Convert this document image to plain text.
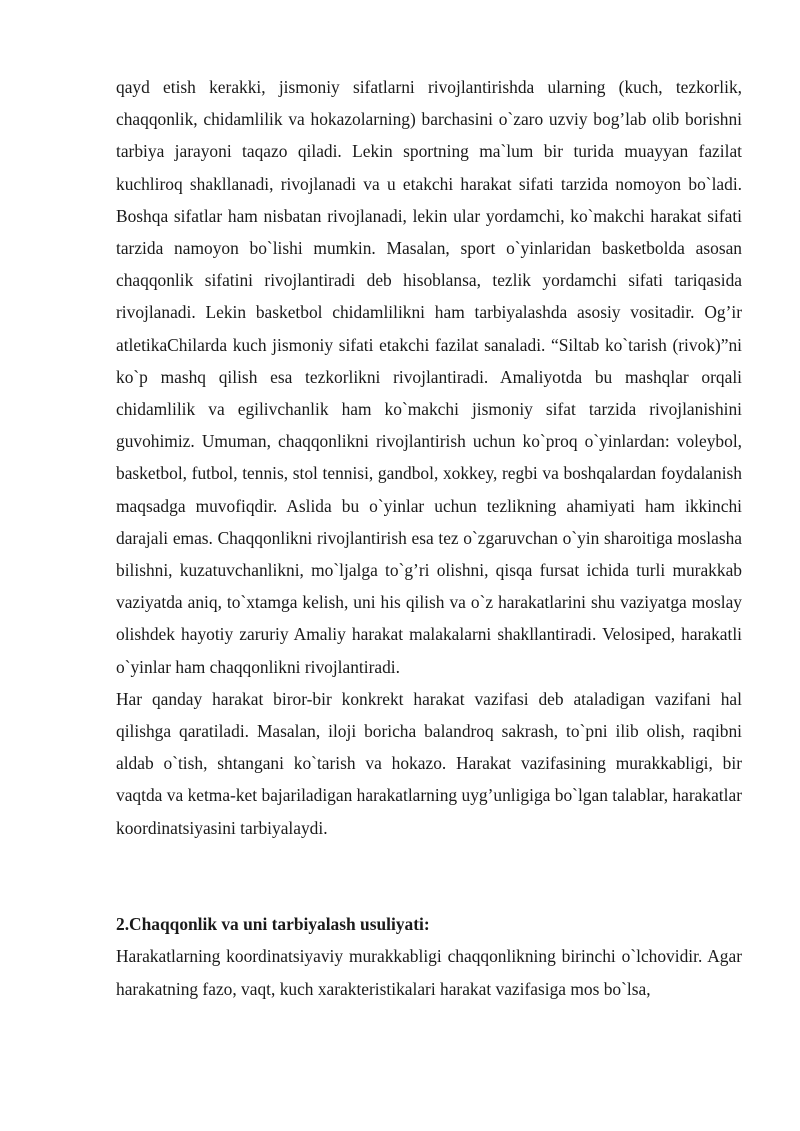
qayd etish kerakki, jismoniy sifatlarni rivojlantirishda ularning (kuch, tezkorlik, chaqqonlik, chidamlilik va hokazolarning) barchasini o`zaro uzviy bog’lab olib borishni tarbiya jarayoni taqazo qiladi. Lekin sportning ma`lum bir turida muayyan fazilat kuchliroq shakllanadi, rivojlanadi va u etakchi harakat sifati tarzida nomoyon bo`ladi. Boshqa sifatlar ham nisbatan rivojlanadi, lekin ular yordamchi, ko`makchi harakat sifati tarzida namoyon bo`lishi mumkin. Masalan, sport o`yinlaridan basketbolda asosan chaqqonlik sifatini rivojlantiradi deb hisoblansa, tezlik yordamchi sifati tariqasida rivojlanadi. Lekin basketbol chidamlilikni ham tarbiyalashda asosiy vositadir. Og’ir atletikaChilarda kuch jismoniy sifati etakchi fazilat sanaladi. “Siltab ko`tarish (rivok)”ni ko`p mashq qilish esa tezkorlikni rivojlantiradi. Amaliyotda bu mashqlar orqali chidamlilik va egilivchanlik ham ko`makchi jismoniy sifat tarzida rivojlanishini guvohimiz. Umuman, chaqqonlikni rivojlantirish uchun ko`proq o`yinlardan: voleybol, basketbol, futbol, tennis, stol tennisi, gandbol, xokkey, regbi va boshqalardan foydalanish maqsadga muvofiqdir. Aslida bu o`yinlar uchun tezlikning ahamiyati ham ikkinchi darajali emas. Chaqqonlikni rivojlantirish esa tez o`zgaruvchan o`yin sharoitiga moslasha bilishni, kuzatuvchanlikni, mo`ljalga to`g’ri olishni, qisqa fursat ichida turli murakkab vaziyatda aniq, to`xtamga kelish, uni his qilish va o`z harakatlarini shu vaziyatga moslay olishdek hayotiy zaruriy Amaliy harakat malakalarni shakllantiradi. Velosiped, harakatli o`yinlar ham chaqqonlikni rivojlantiradi.

Har qanday harakat biror-bir konkrekt harakat vazifasi deb ataladigan vazifani hal qilishga qaratiladi. Masalan, iloji boricha balandroq sakrash, to`pni ilib olish, raqibni aldab o`tish, shtangani ko`tarish va hokazo. Harakat vazifasining murakkabligi, bir vaqtda va ketma-ket bajariladigan harakatlarning uyg’unligiga bo`lgan talablar, harakatlar koordinatsiyasini tarbiyalaydi.

2.Chaqqonlik va uni tarbiyalash usuliyati:

Harakatlarning koordinatsiyaviy murakkabligi chaqqonlikning birinchi o`lchovidir. Agar harakatning fazo, vaqt, kuch xarakteristikalari harakat vazifasiga mos bo`lsa,
